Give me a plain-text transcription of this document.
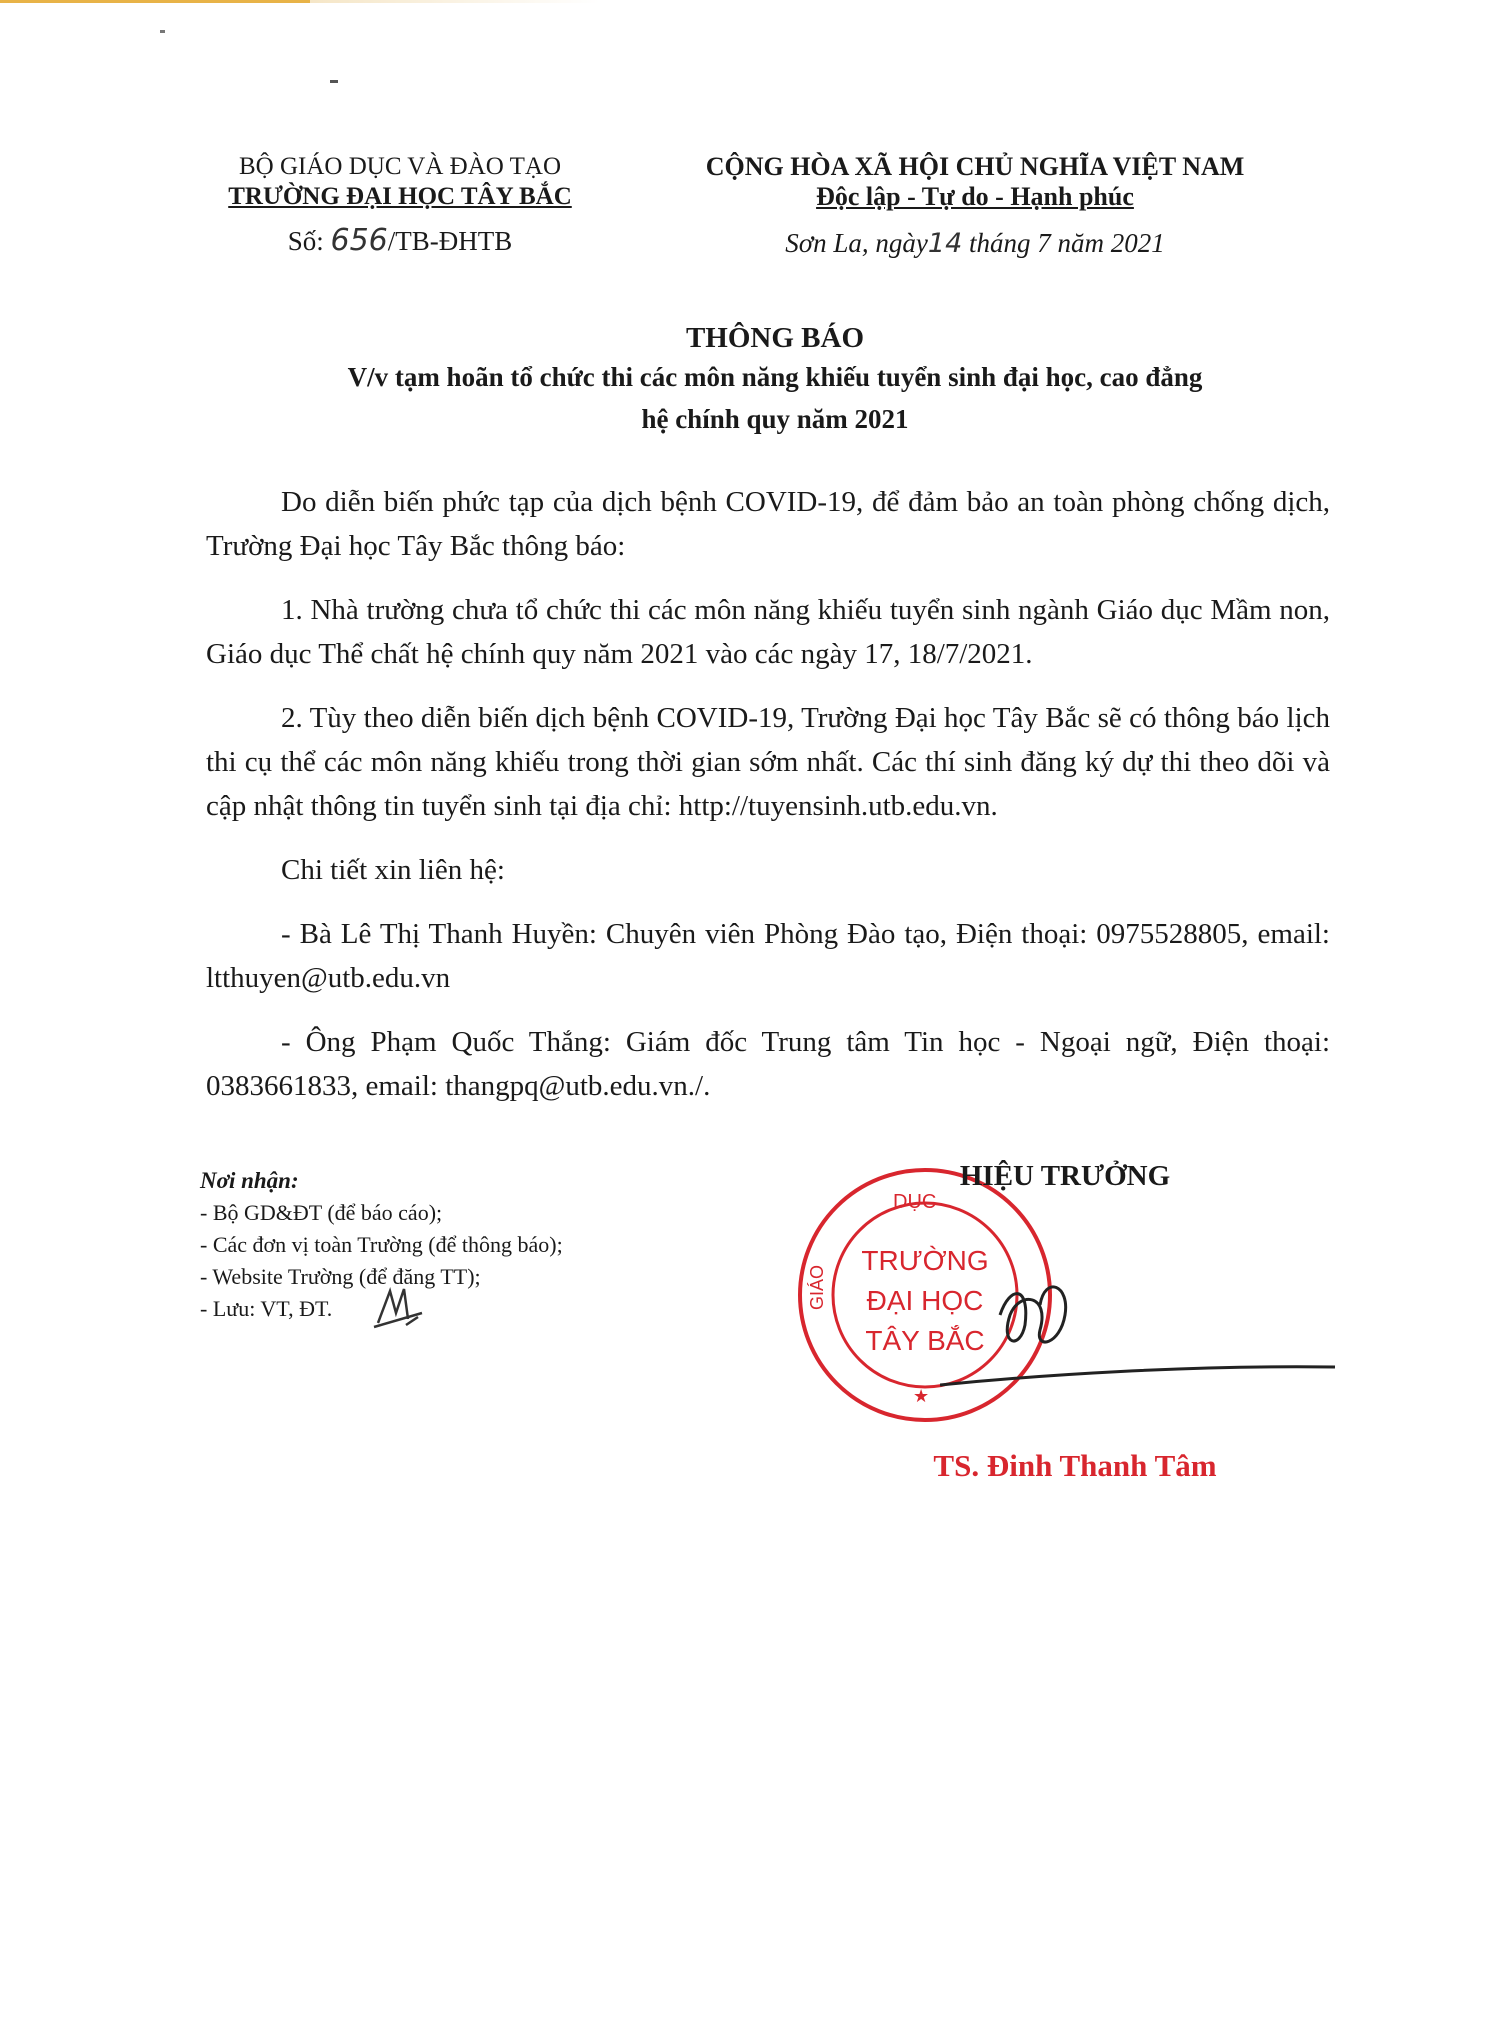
BỘ GIÁO DỤC VÀ ĐÀO TẠO
TRƯỜNG ĐẠI HỌC TÂY BẮC
Số: 656/TB-ĐHTB
CỘNG HÒA XÃ HỘI CHỦ NGHĨA VIỆT NAM
Độc lập - Tự do - Hạnh phúc
Sơn La, ngày14 tháng 7 năm 2021
THÔNG BÁO
V/v tạm hoãn tổ chức thi các môn năng khiếu tuyển sinh đại học, cao đẳng
hệ chính quy năm 2021
Do diễn biến phức tạp của dịch bệnh COVID-19, để đảm bảo an toàn phòng chống dịch, Trường Đại học Tây Bắc thông báo:
1. Nhà trường chưa tổ chức thi các môn năng khiếu tuyển sinh ngành Giáo dục Mầm non, Giáo dục Thể chất hệ chính quy năm 2021 vào các ngày 17, 18/7/2021.
2. Tùy theo diễn biến dịch bệnh COVID-19, Trường Đại học Tây Bắc sẽ có thông báo lịch thi cụ thể các môn năng khiếu trong thời gian sớm nhất. Các thí sinh đăng ký dự thi theo dõi và cập nhật thông tin tuyển sinh tại địa chỉ: http://tuyensinh.utb.edu.vn.
Chi tiết xin liên hệ:
- Bà Lê Thị Thanh Huyền: Chuyên viên Phòng Đào tạo, Điện thoại: 0975528805, email: ltthuyen@utb.edu.vn
- Ông Phạm Quốc Thắng: Giám đốc Trung tâm Tin học - Ngoại ngữ, Điện thoại: 0383661833, email: thangpq@utb.edu.vn./.
Nơi nhận:
- Bộ GD&ĐT (để báo cáo);
- Các đơn vị toàn Trường (để thông báo);
- Website Trường (để đăng TT);
- Lưu: VT, ĐT.
DỤC
GIÁO
TRƯỜNG
ĐẠI HỌC
TÂY BẮC
★
HIỆU TRƯỞNG
TS. Đinh Thanh Tâm
